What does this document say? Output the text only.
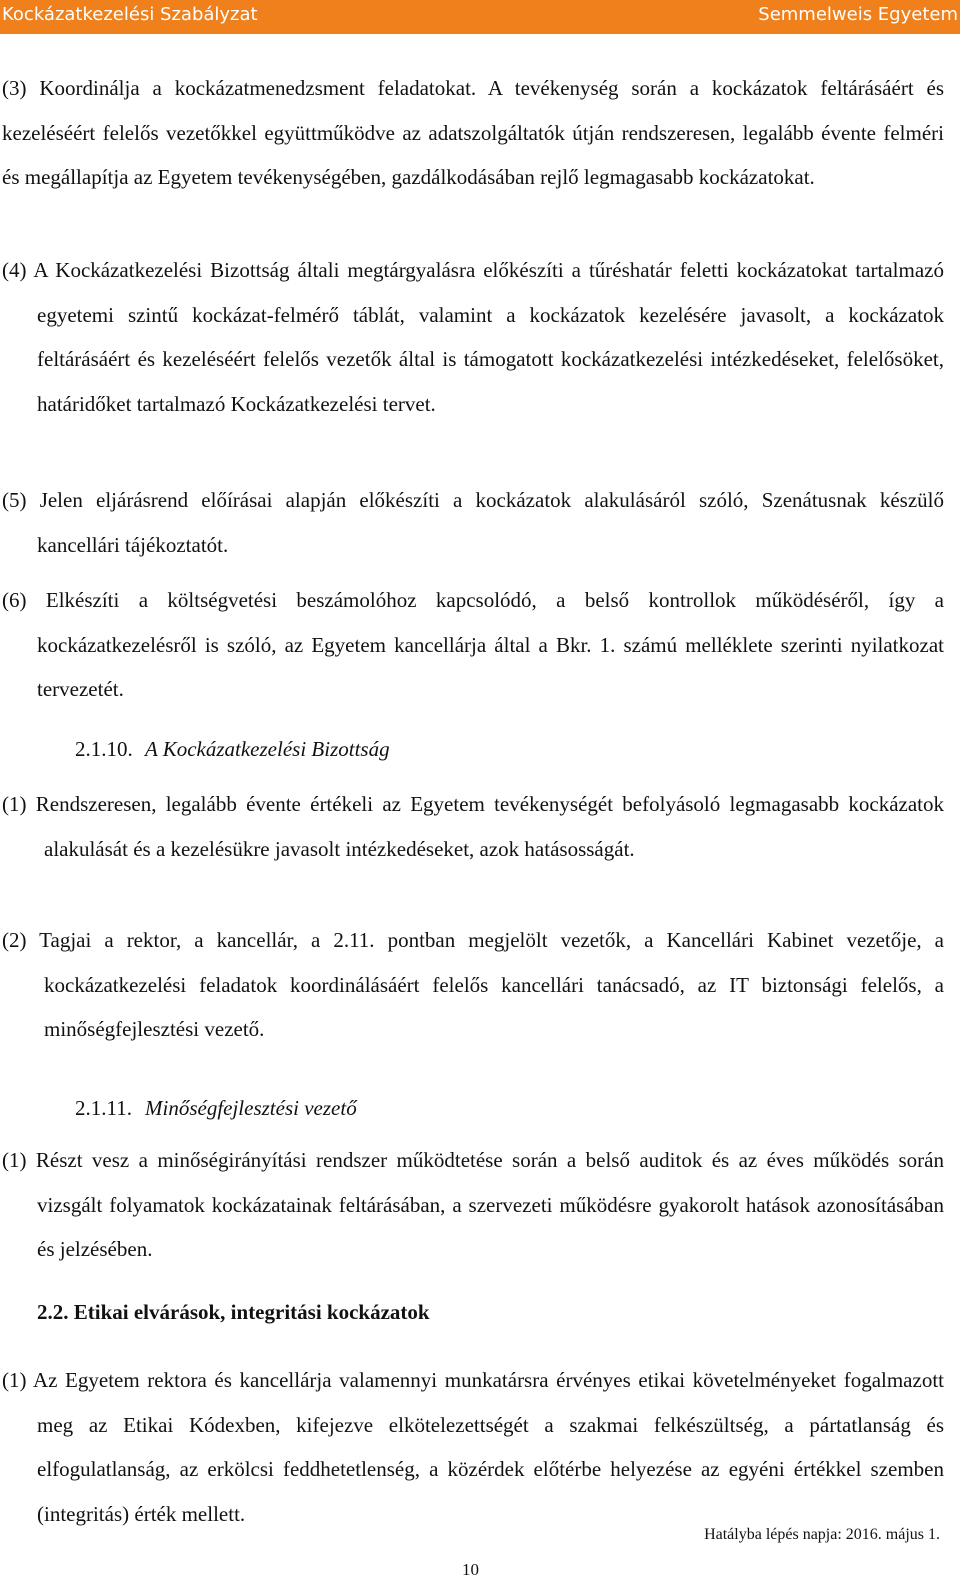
Kockázatkezelési Szabályzat	Semmelweis Egyetem

(3) Koordinálja a kockázatmenedzsment feladatokat. A tevékenység során a kockázatok feltárásáért és kezeléséért felelős vezetőkkel együttműködve az adatszolgáltatók útján rendszeresen, legalább évente felméri és megállapítja az Egyetem tevékenységében, gazdálkodásában rejlő legmagasabb kockázatokat.

(4) A Kockázatkezelési Bizottság általi megtárgyalásra előkészíti a tűréshatár feletti kockázatokat tartalmazó egyetemi szintű kockázat-felmérő táblát, valamint a kockázatok kezelésére javasolt, a kockázatok feltárásáért és kezeléséért felelős vezetők által is támogatott kockázatkezelési intézkedéseket, felelősöket, határidőket tartalmazó Kockázatkezelési tervet.

(5) Jelen eljárásrend előírásai alapján előkészíti a kockázatok alakulásáról szóló, Szenátusnak készülő kancellári tájékoztatót.

(6) Elkészíti a költségvetési beszámolóhoz kapcsolódó, a belső kontrollok működéséről, így a kockázatkezelésről is szóló, az Egyetem kancellárja által a Bkr. 1. számú melléklete szerinti nyilatkozat tervezetét.

2.1.10. A Kockázatkezelési Bizottság

(1) Rendszeresen, legalább évente értékeli az Egyetem tevékenységét befolyásoló legmagasabb kockázatok alakulását és a kezelésükre javasolt intézkedéseket, azok hatásosságát.

(2) Tagjai a rektor, a kancellár, a 2.11. pontban megjelölt vezetők, a Kancellári Kabinet vezetője, a kockázatkezelési feladatok koordinálásáért felelős kancellári tanácsadó, az IT biztonsági felelős, a minőségfejlesztési vezető.

2.1.11. Minőségfejlesztési vezető

(1) Részt vesz a minőségirányítási rendszer működtetése során a belső auditok és az éves működés során vizsgált folyamatok kockázatainak feltárásában, a szervezeti működésre gyakorolt hatások azonosításában és jelzésében.

2.2. Etikai elvárások, integritási kockázatok

(1) Az Egyetem rektora és kancellárja valamennyi munkatársra érvényes etikai követelményeket fogalmazott meg az Etikai Kódexben, kifejezve elkötelezettségét a szakmai felkészültség, a pártatlanság és elfogulatlanság, az erkölcsi feddhetetlenség, a közérdek előtérbe helyezése az egyéni értékkel szemben (integritás) érték mellett.

Hatályba lépés napja: 2016. május 1.
10
